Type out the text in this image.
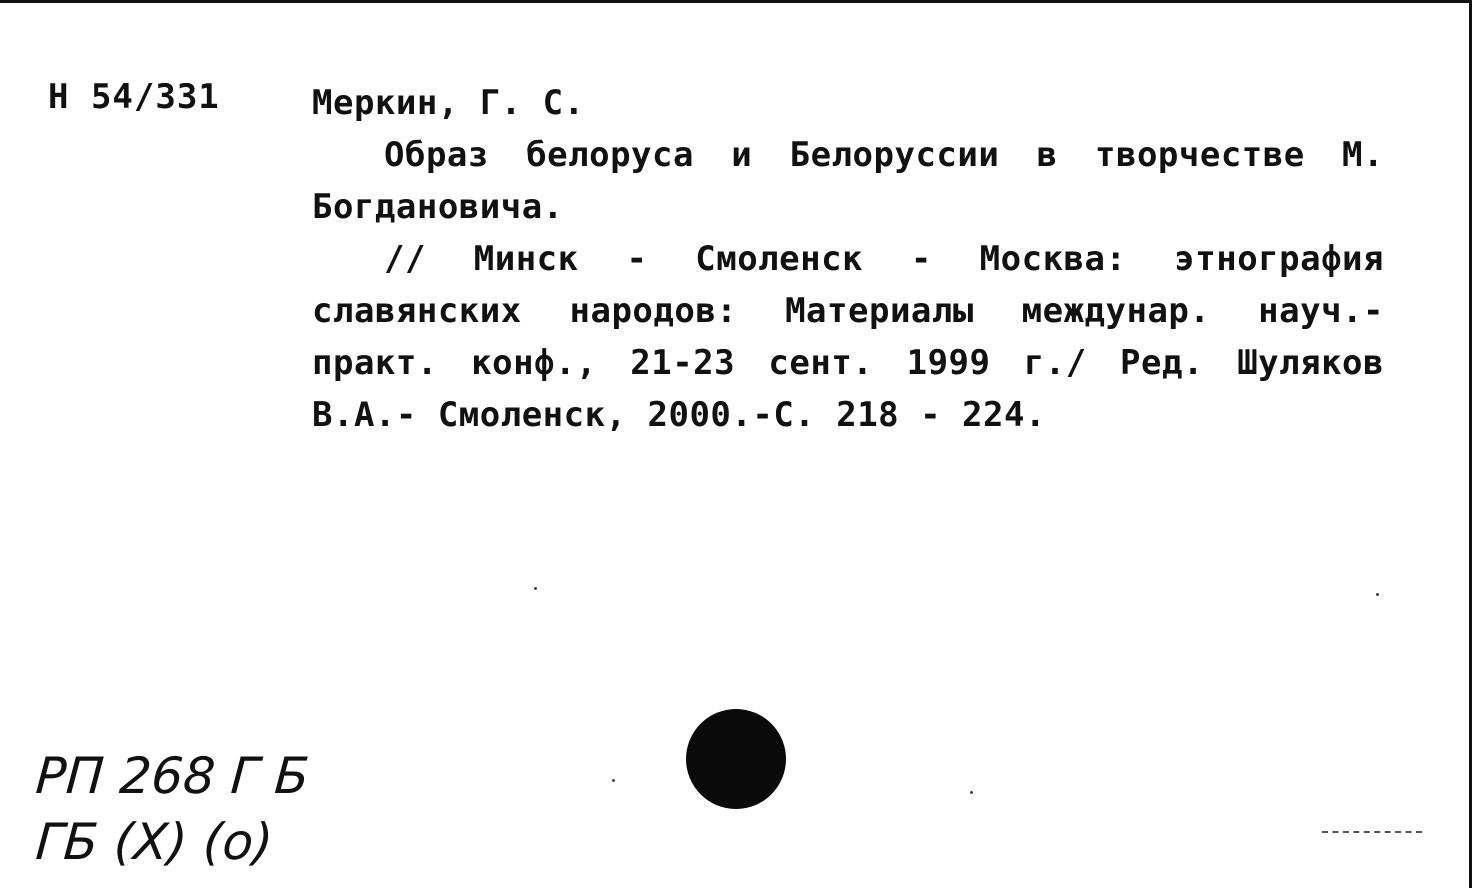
Н 54/331	Меркин, Г. С.

Образ белоруса и Белоруссии в творчестве М. Богдановича.

// Минск - Смоленск - Москва: этнография славянских народов: Материалы междунар. науч.- практ. конф., 21-23 сент. 1999 г./ Ред. Шуляков В.А.- Смоленск, 2000.-С. 218 - 224.

РП 268 Г Б
ГБ (Х) (о)
